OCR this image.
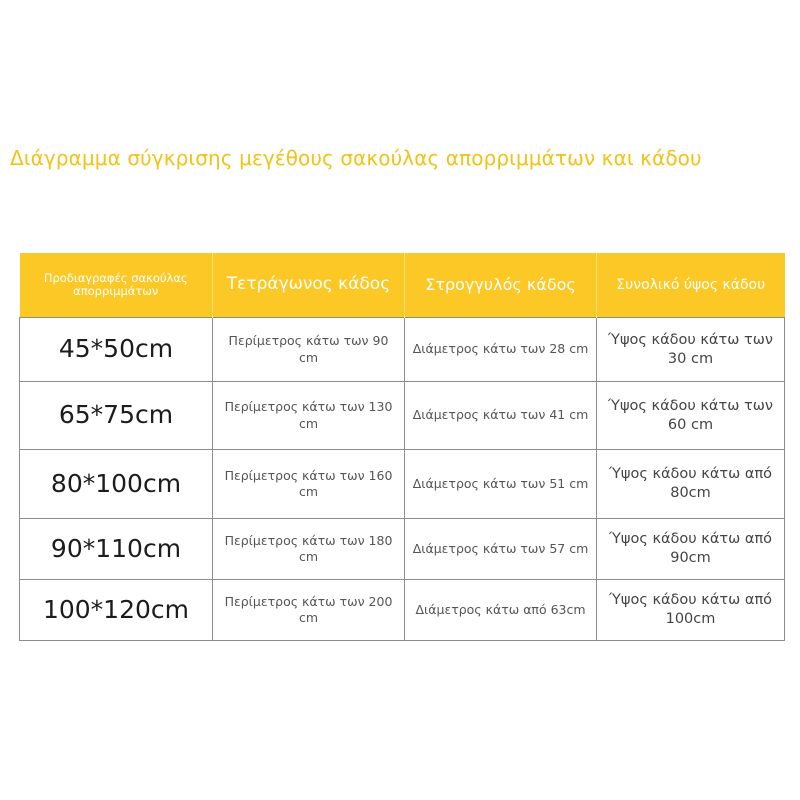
Διάγραμμα σύγκρισης μεγέθους σακούλας απορριμμάτων και κάδου
Προδιαγραφές σακούλας απορριμμάτων	Τετράγωνος κάδος	Στρογγυλός κάδος	Συνολικό ύψος κάδου
45*50cm	Περίμετρος κάτω των 90 cm	Διάμετρος κάτω των 28 cm	Ύψος κάδου κάτω των 30 cm
65*75cm	Περίμετρος κάτω των 130 cm	Διάμετρος κάτω των 41 cm	Ύψος κάδου κάτω των 60 cm
80*100cm	Περίμετρος κάτω των 160 cm	Διάμετρος κάτω των 51 cm	Ύψος κάδου κάτω από 80cm
90*110cm	Περίμετρος κάτω των 180 cm	Διάμετρος κάτω των 57 cm	Ύψος κάδου κάτω από 90cm
100*120cm	Περίμετρος κάτω των 200 cm	Διάμετρος κάτω από 63cm	Ύψος κάδου κάτω από 100cm
